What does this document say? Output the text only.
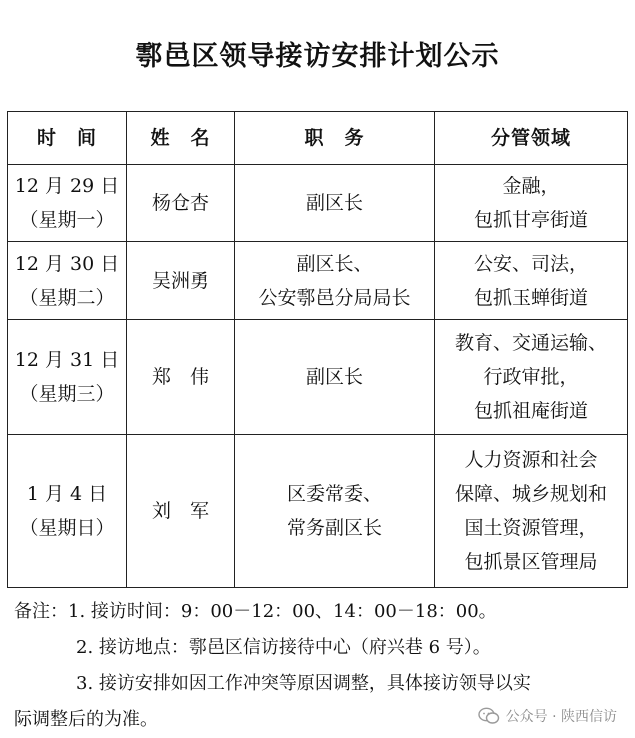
鄠邑区领导接访安排计划公示
时　间	姓　名	职　务	分管领域

12 月 29 日
（星期一）	杨仓杏	副区长	金融，
包抓甘亭街道

12 月 30 日
（星期二）	吴洲勇	副区长、
公安鄠邑分局局长	公安、司法，
包抓玉蝉街道

12 月 31 日
（星期三）	郑　伟	副区长	教育、交通运输、
行政审批，
包抓祖庵街道

1 月 4 日
（星期日）	刘　军	区委常委、
常务副区长	人力资源和社会
保障、城乡规划和
国土资源管理，
包抓景区管理局
备注：1. 接访时间：9：00－12：00、14：00－18：00。
2. 接访地点：鄠邑区信访接待中心（府兴巷 6 号）。
3. 接访安排如因工作冲突等原因调整，具体接访领导以实
际调整后的为准。	公众号 · 陕西信访
